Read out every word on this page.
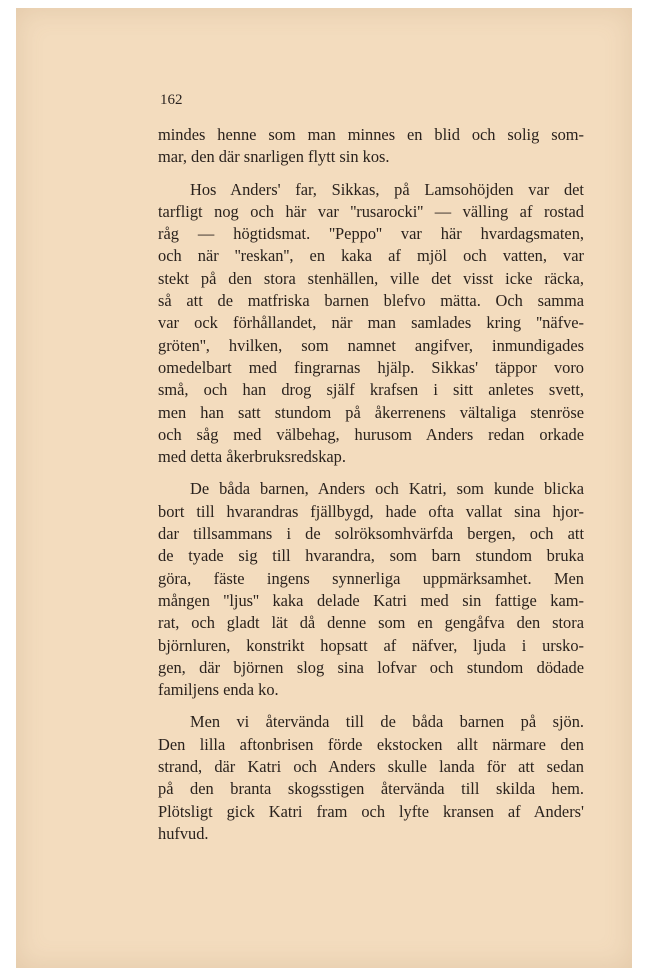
162

mindes henne som man minnes en blid och solig som-
mar, den där snarligen flytt sin kos.
Hos Anders' far, Sikkas, på Lamsohöjden var det
tarfligt nog och här var ''rusarocki'' — välling af rostad
råg — högtidsmat. ''Peppo'' var här hvardagsmaten,
och när ''reskan'', en kaka af mjöl och vatten, var
stekt på den stora stenhällen, ville det visst icke räcka,
så att de matfriska barnen blefvo mätta. Och samma
var ock förhållandet, när man samlades kring ''näfve-
gröten'', hvilken, som namnet angifver, inmundigades
omedelbart med fingrarnas hjälp. Sikkas' täppor voro
små, och han drog själf krafsen i sitt anletes svett,
men han satt stundom på åkerrenens vältaliga stenröse
och såg med välbehag, hurusom Anders redan orkade
med detta åkerbruksredskap.
De båda barnen, Anders och Katri, som kunde blicka
bort till hvarandras fjällbygd, hade ofta vallat sina hjor-
dar tillsammans i de solröksomhvärfda bergen, och att
de tyade sig till hvarandra, som barn stundom bruka
göra, fäste ingens synnerliga uppmärksamhet. Men
mången ''ljus'' kaka delade Katri med sin fattige kam-
rat, och gladt lät då denne som en gengåfva den stora
björnluren, konstrikt hopsatt af näfver, ljuda i ursko-
gen, där björnen slog sina lofvar och stundom dödade
familjens enda ko.
Men vi återvända till de båda barnen på sjön.
Den lilla aftonbrisen förde ekstocken allt närmare den
strand, där Katri och Anders skulle landa för att sedan
på den branta skogsstigen återvända till skilda hem.
Plötsligt gick Katri fram och lyfte kransen af Anders'
hufvud.
